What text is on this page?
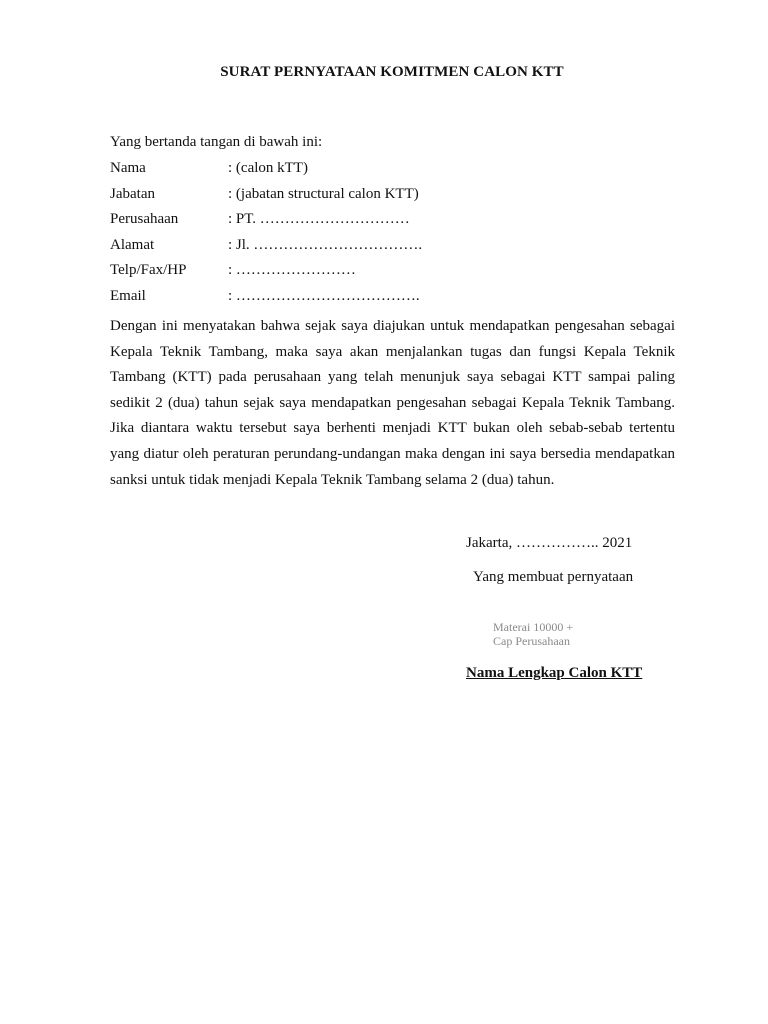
SURAT PERNYATAAN KOMITMEN CALON KTT
Yang bertanda tangan di bawah ini:
Nama	: (calon kTT)
Jabatan	: (jabatan structural calon KTT)
Perusahaan	: PT. …………………………
Alamat	: Jl. …………………………….
Telp/Fax/HP	: ……………………
Email	: ……………………………….
Dengan ini menyatakan bahwa sejak saya diajukan untuk mendapatkan pengesahan sebagai Kepala Teknik Tambang, maka saya akan menjalankan tugas dan fungsi Kepala Teknik Tambang (KTT) pada perusahaan yang telah menunjuk saya sebagai KTT sampai paling sedikit 2 (dua) tahun sejak saya mendapatkan pengesahan sebagai Kepala Teknik Tambang. Jika diantara waktu tersebut saya berhenti menjadi KTT bukan oleh sebab-sebab tertentu yang diatur oleh peraturan perundang-undangan maka dengan ini saya bersedia mendapatkan sanksi untuk tidak menjadi Kepala Teknik Tambang selama 2 (dua) tahun.
Jakarta, …………….. 2021
Yang membuat pernyataan
Materai 10000 +
Cap Perusahaan
Nama Lengkap Calon KTT
